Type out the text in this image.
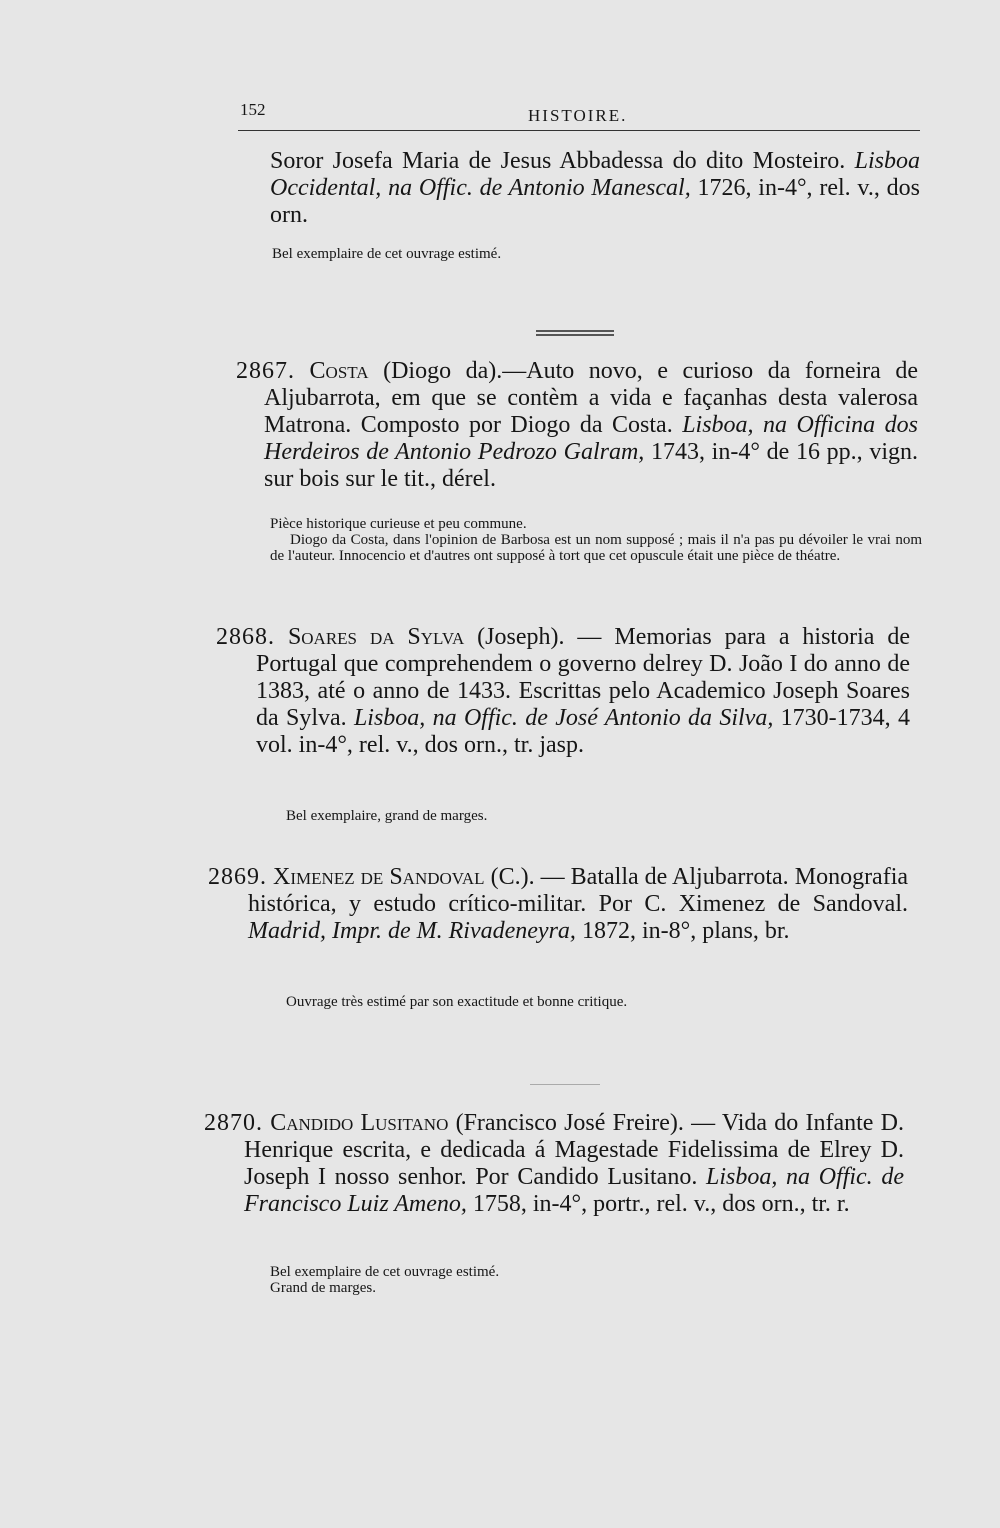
152	HISTOIRE.

Soror Josefa Maria de Jesus Abbadessa do dito Mosteiro. Lisboa Occidental, na Offic. de Antonio Manescal, 1726, in-4°, rel. v., dos orn.

Bel exemplaire de cet ouvrage estimé.

2867. Costa (Diogo da).—Auto novo, e curioso da forneira de Aljubarrota, em que se contèm a vida e façanhas desta valerosa Matrona. Composto por Diogo da Costa. Lisboa, na Officina dos Herdeiros de Antonio Pedrozo Galram, 1743, in-4° de 16 pp., vign. sur bois sur le tit., dérel.

Pièce historique curieuse et peu commune.

Diogo da Costa, dans l'opinion de Barbosa est un nom supposé ; mais il n'a pas pu dévoiler le vrai nom de l'auteur. Innocencio et d'autres ont supposé à tort que cet opuscule était une pièce de théatre.

2868. Soares da Sylva (Joseph). — Memorias para a historia de Portugal que comprehendem o governo delrey D. João I do anno de 1383, até o anno de 1433. Escrittas pelo Academico Joseph Soares da Sylva. Lisboa, na Offic. de José Antonio da Silva, 1730-1734, 4 vol. in-4°, rel. v., dos orn., tr. jasp.

Bel exemplaire, grand de marges.

2869. Ximenez de Sandoval (C.). — Batalla de Aljubarrota. Monografia histórica, y estudo crítico-militar. Por C. Ximenez de Sandoval. Madrid, Impr. de M. Rivadeneyra, 1872, in-8°, plans, br.

Ouvrage très estimé par son exactitude et bonne critique.

2870. Candido Lusitano (Francisco José Freire). — Vida do Infante D. Henrique escrita, e dedicada á Magestade Fidelissima de Elrey D. Joseph I nosso senhor. Por Candido Lusitano. Lisboa, na Offic. de Francisco Luiz Ameno, 1758, in-4°, portr., rel. v., dos orn., tr. r.

Bel exemplaire de cet ouvrage estimé.

Grand de marges.
